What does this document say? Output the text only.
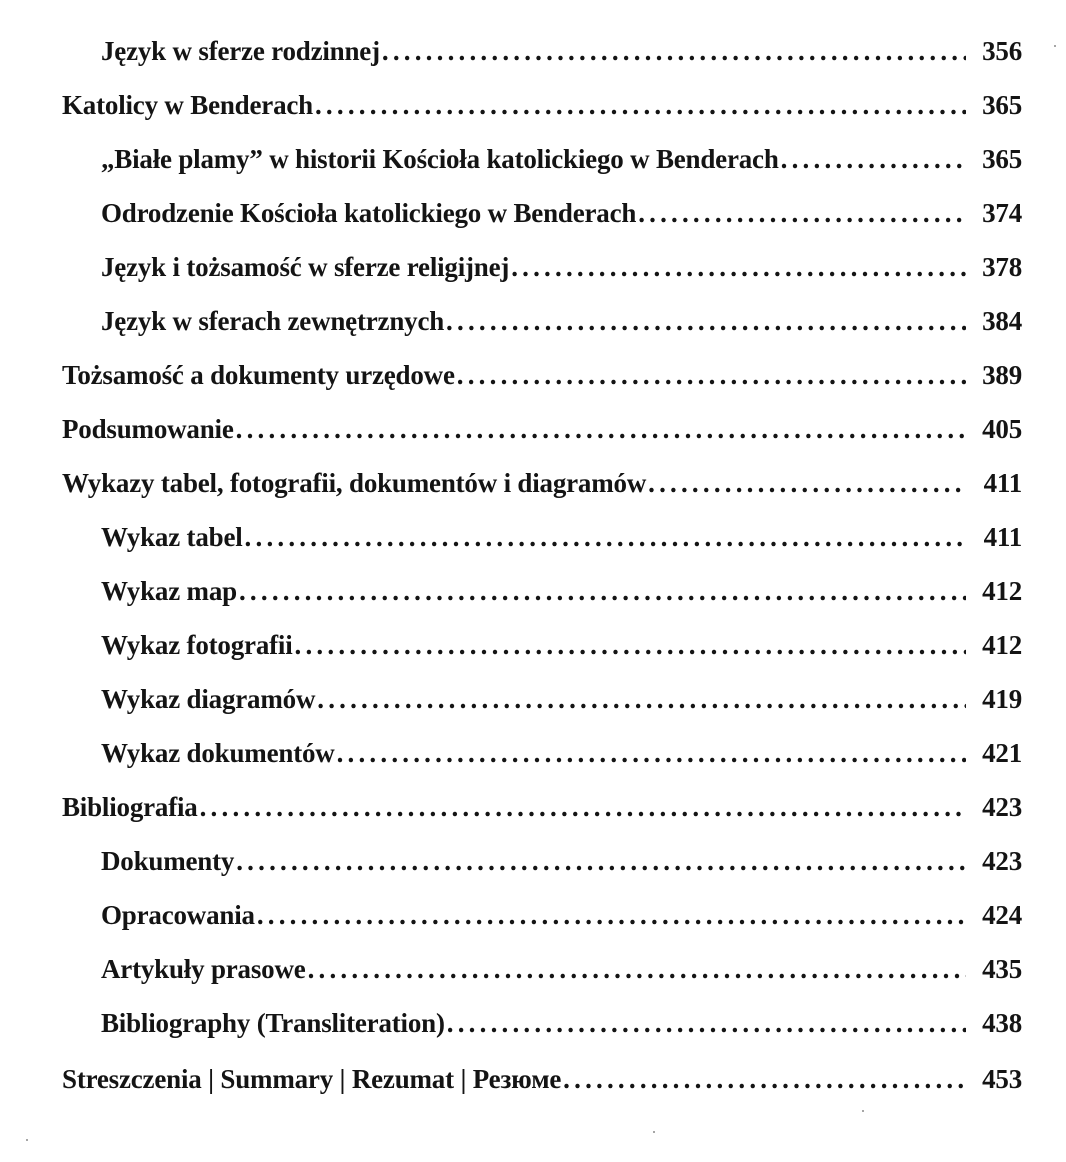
Język w sferze rodzinnej .....	356
Katolicy w Benderach .....	365
„Białe plamy” w historii Kościoła katolickiego w Benderach .....	365
Odrodzenie Kościoła katolickiego w Benderach .....	374
Język i tożsamość w sferze religijnej .....	378
Język w sferach zewnętrznych .....	384
Tożsamość a dokumenty urzędowe .....	389
Podsumowanie .....	405
Wykazy tabel, fotografii, dokumentów i diagramów .....	411
Wykaz tabel .....	411
Wykaz map .....	412
Wykaz fotografii .....	412
Wykaz diagramów .....	419
Wykaz dokumentów .....	421
Bibliografia .....	423
Dokumenty .....	423
Opracowania .....	424
Artykuły prasowe .....	435
Bibliography (Transliteration) .....	438
Streszczenia | Summary | Rezumat | Резюме .....	453
